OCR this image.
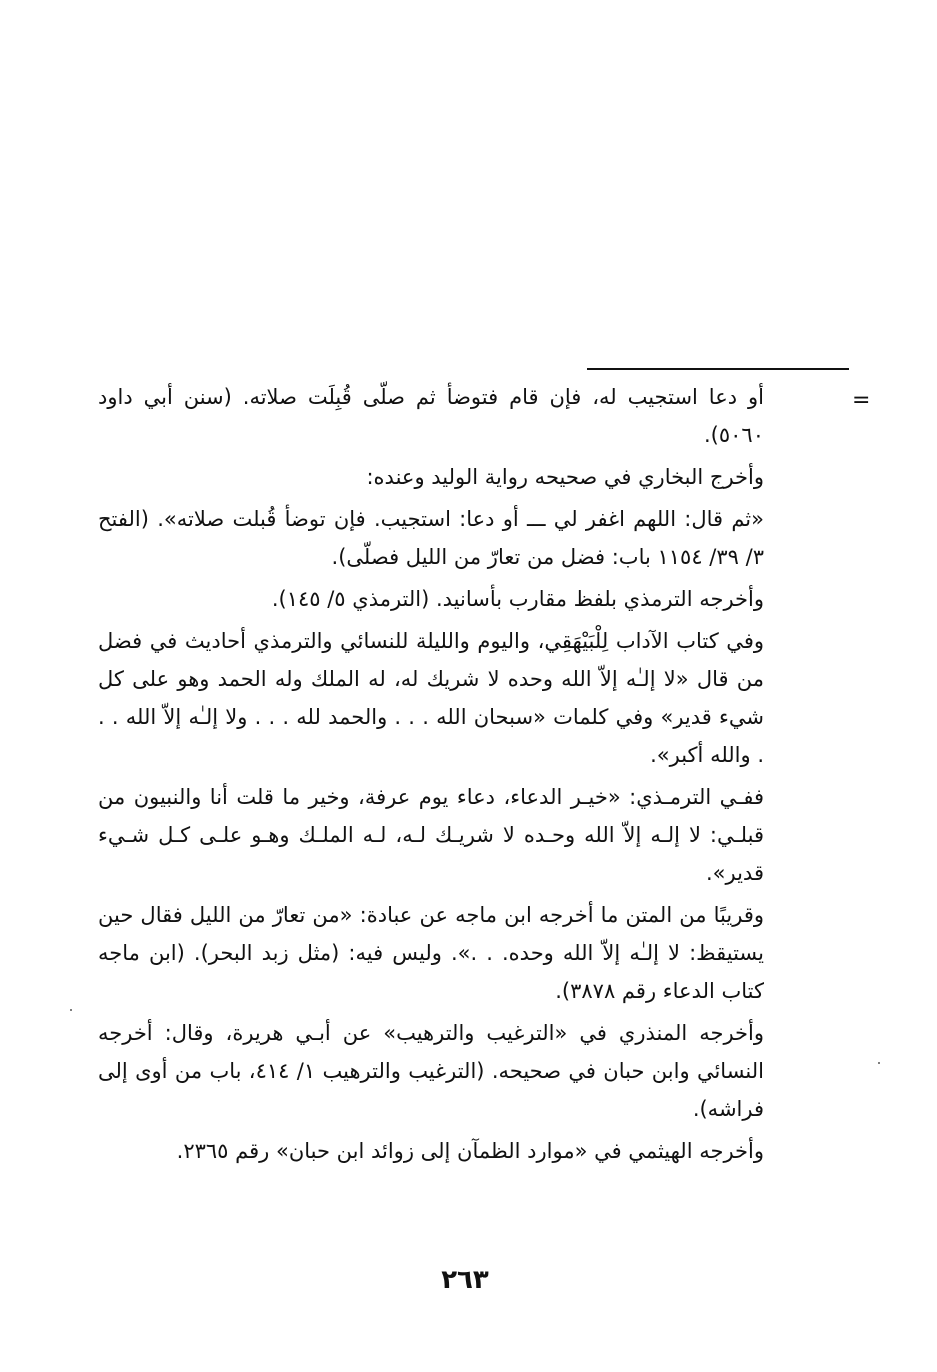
=

أو دعا استجيب له، فإن قام فتوضأ ثم صلّى قُبِلَت صلاته. (سنن أبي داود ٥٠٦٠).

وأخرج البخاري في صحيحه رواية الوليد وعنده:

«ثم قال: اللهم اغفر لي ـــ أو دعا: استجيب. فإن توضأ قُبلت صلاته». (الفتح ٣/ ٣٩/ ١١٥٤ باب: فضل من تعارّ من الليل فصلّى).

وأخرجه الترمذي بلفظ مقارب بأسانيد. (الترمذي ٥/ ١٤٥).

وفي كتاب الآداب لِلْبَيْهَقِي، واليوم والليلة للنسائي والترمذي أحاديث في فضل من قال «لا إلـٰه إلاّ الله وحده لا شريك له، له الملك وله الحمد وهو على كل شيء قدير» وفي كلمات «سبحان الله . . . والحمد لله . . . ولا إلـٰه إلاّ الله . . . والله أكبر».

ففـي الترمـذي: «خيـر الدعاء، دعاء يوم عرفة، وخير ما قلت أنا والنبيون من قبلـي: لا إلـه إلاّ الله وحـده لا شريـك لـه، لـه الملـك وهـو علـى كـل شـيء قدير».

وقريبًا من المتن ما أخرجه ابن ماجه عن عبادة: «من تعارّ من الليل فقال حين يستيقظ: لا إلـٰه إلاّ الله وحده. . .». وليس فيه: (مثل زبد البحر). (ابن ماجه كتاب الدعاء رقم ٣٨٧٨).

وأخرجه المنذري في «الترغيب والترهيب» عن أبـي هريرة، وقال: أخرجه النسائي وابن حبان في صحيحه. (الترغيب والترهيب ١/ ٤١٤، باب من أوى إلى فراشه).

وأخرجه الهيثمي في «موارد الظمآن إلى زوائد ابن حبان» رقم ٢٣٦٥.

٢٦٣
